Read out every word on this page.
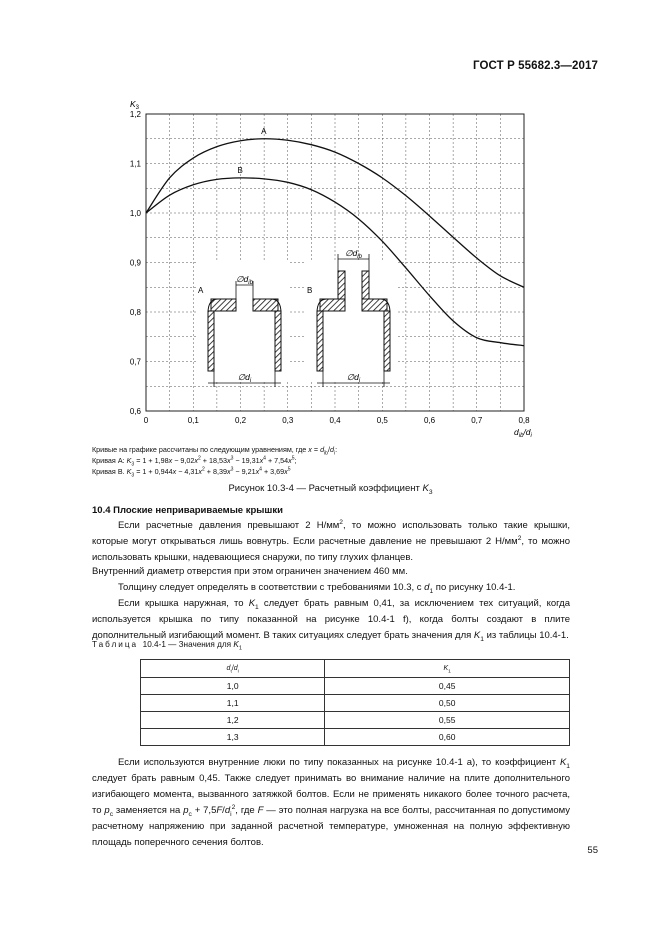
ГОСТ Р 55682.3—2017
0	0,1	0,2	0,3	0,4	0,5	0,6	0,7	0,8
0,6
0,7
0,8
0,9
1,0
1,1
1,2
$K_3$
$d_{ib}/d_i$
A
B
$\emptyset d_{ib}$
$\emptyset d_i$
A
$\emptyset d_{ib}$
$\emptyset d_i$
B
Кривые на графике рассчитаны по следующим уравнениям, где $x = d_{ib}/d_i$:
Кривая A: $K_3 = 1 + 1,98x - 9,02x^2 + 18,53x^3 - 19,31x^4 + 7,54x^5$;
Кривая B. $K_3 = 1 + 0,944x - 4,31x^2 + 8,39x^3 - 9,21x^4 + 3,69x^5$
Рисунок 10.3-4 — Расчетный коэффициент $K_3$
10.4 Плоские неприваривaемые крышки
Если расчетные давления превышают 2 $Н/мм^2$, то можно использовать только такие крышки, которые могут открываться лишь вовнутрь. Если расчетные давление не превышают 2 $Н/мм^2$, то можно использовать крышки, надевающиеся снаружи, по типу глухих фланцев.
Внутренний диаметр отверстия при этом ограничен значением 460 мм.
Толщину следует определять в соответствии с требованиями 10.3, с $d_1$ по рисунку 10.4-1.
Если крышка наружная, то $K_1$ следует брать равным 0,41, за исключением тех ситуаций, когда используется крышка по типу показанной на рисунке 10.4-1 f), когда болты создают в плите дополнительный изгибающий момент. В таких ситуациях следует брать значения для $K_1$ из таблицы 10.4-1.
Таблица  10.4-1 — Значения для $K_1$
$d_t/d_i$	$K_1$
1,0	0,45
1,1	0,50
1,2	0,55
1,3	0,60
Если используются внутренние люки по типу показанных на рисунке 10.4-1 а), то коэффициент $K_1$ следует брать равным 0,45. Также следует принимать во внимание наличие на плите дополнительного изгибающего момента, вызванного затяжкой болтов. Если не применять никакого более точного расчета, то $p_c$ заменяется на $p_c + 7,5F/d_i^2$, где F — это полная нагрузка на все болты, рассчитанная по допустимому расчетному напряжению при заданной расчетной температуре, умноженная на полную эффективную площадь поперечного сечения болтов.
55
